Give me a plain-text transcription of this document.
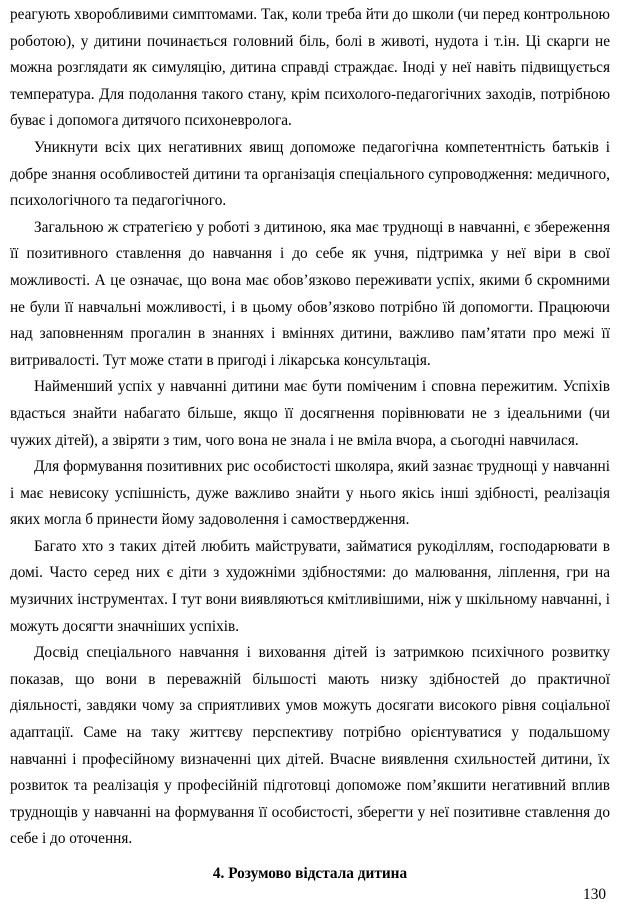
реагують хворобливими симптомами. Так, коли треба йти до школи (чи перед контрольною роботою), у дитини починається головний біль, болі в животі, нудота і т.ін. Ці скарги не можна розглядати як симуляцію, дитина справді страждає. Іноді у неї навіть підвищується температура. Для подолання такого стану, крім психолого-педагогічних заходів, потрібною буває і допомога дитячого психоневролога.

Уникнути всіх цих негативних явищ допоможе педагогічна компетентність батьків і добре знання особливостей дитини та організація спеціального супроводження: медичного, психологічного та педагогічного.

Загальною ж стратегією у роботі з дитиною, яка має труднощі в навчанні, є збереження її позитивного ставлення до навчання і до себе як учня, підтримка у неї віри в свої можливості. А це означає, що вона має обов’язково переживати успіх, якими б скромними не були її навчальні можливості, і в цьому обов’язково потрібно їй допомогти. Працюючи над заповненням прогалин в знаннях і вміннях дитини, важливо пам’ятати про межі її витривалості. Тут може стати в пригоді і лікарська консультація.

Найменший успіх у навчанні дитини має бути поміченим і сповна пережитим. Успіхів вдасться знайти набагато більше, якщо її досягнення порівнювати не з ідеальними (чи чужих дітей), а звіряти з тим, чого вона не знала і не вміла вчора, а сьогодні навчилася.

Для формування позитивних рис особистості школяра, який зазнає труднощі у навчанні і має невисоку успішність, дуже важливо знайти у нього якісь інші здібності, реалізація яких могла б принести йому задоволення і самоствердження.

Багато хто з таких дітей любить майструвати, займатися рукоділлям, господарювати в домі. Часто серед них є діти з художніми здібностями: до малювання, ліплення, гри на музичних інструментах. І тут вони виявляються кмітливішими, ніж у шкільному навчанні, і можуть досягти значніших успіхів.

Досвід спеціального навчання і виховання дітей із затримкою психічного розвитку показав, що вони в переважній більшості мають низку здібностей до практичної діяльності, завдяки чому за сприятливих умов можуть досягати високого рівня соціальної адаптації. Саме на таку життєву перспективу потрібно орієнтуватися у подальшому навчанні і професійному визначенні цих дітей. Вчасне виявлення схильностей дитини, їх розвиток та реалізація у професійній підготовці допоможе пом’якшити негативний вплив труднощів у навчанні на формування її особистості, зберегти у неї позитивне ставлення до себе і до оточення.

4. Розумово відстала дитина
130
